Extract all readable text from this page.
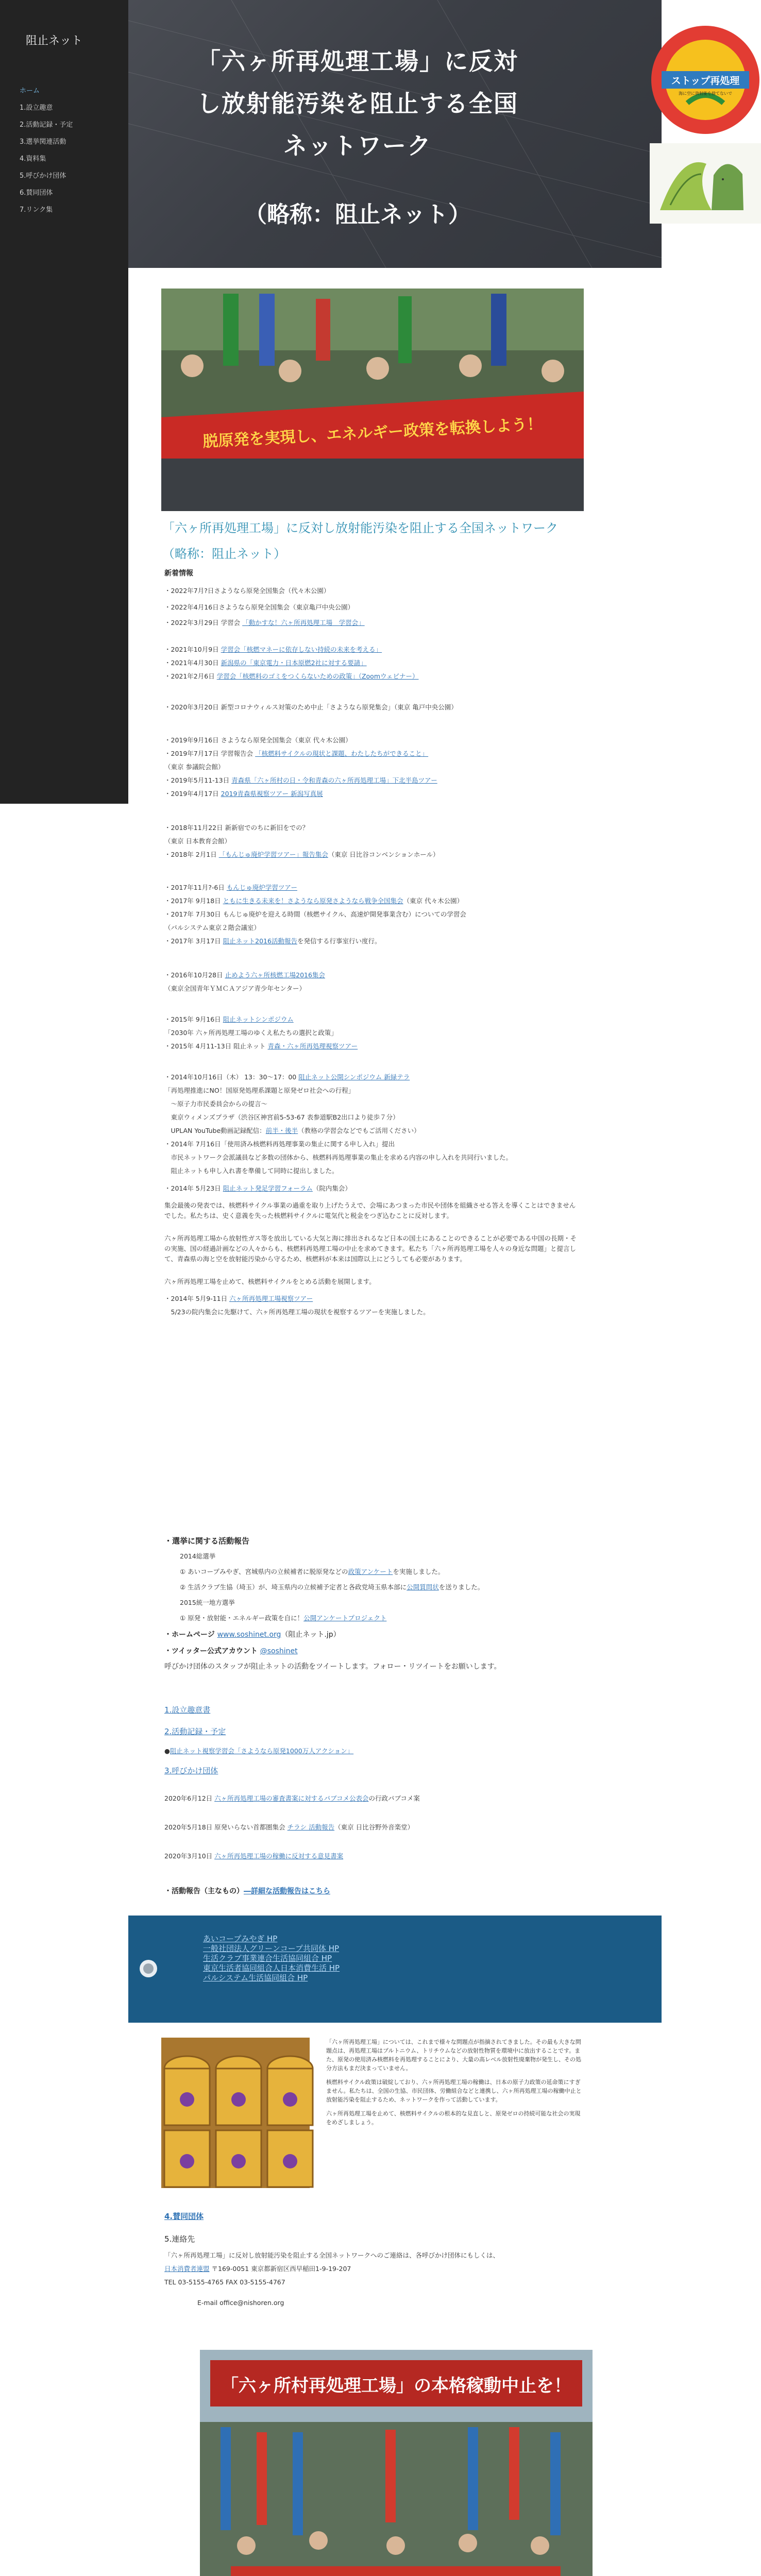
阻止ネット
ホーム
1.設立趣意
2.活動記録・予定
3.選挙関連活動
4.資料集
5.呼びかけ団体
6.賛同団体
7.リンク集
「六ヶ所再処理工場」に反対
し放射能汚染を阻止する全国
ネットワーク
（略称：阻止ネット）
ストップ再処理
海に空に放射能を捨てないで
脱原発を実現し、エネルギー政策を転換しよう！
「六ヶ所再処理工場」に反対し放射能汚染を阻止する全国ネットワーク
（略称：阻止ネット）
新着情報
・2022年7月?日さようなら原発全国集会（代々木公園）
・2022年4月16日さようなら原発全国集会（東京亀戸中央公園）
・2022年3月29日 学習会 「動かすな！六ヶ所再処理工場　学習会」
・2021年10月9日 学習会「核燃マネーに依存しない持続の未来を考える」
・2021年4月30日 新潟県の「東京電力・日本原燃2社に対する要請」
・2021年2月6日 学習会「核燃料のゴミをつくらないための政策」（Zoomウェビナー）
・2020年3月20日 新型コロナウィルス対策のため中止「さようなら原発集会」（東京 亀戸中央公園）
・2019年9月16日 さようなら原発全国集会（東京 代々木公園）
・2019年7月17日 学習報告会 「核燃料サイクルの現状と課題、わたしたちができること」
（東京 参議院会館）
・2019年5月11-13日 青森県「六ヶ所村の日・令和青森の六ヶ所再処理工場」下北半島ツアー
・2019年4月17日 2019青森県視察ツアー 新潟写真展
・2018年11月22日 新新宿でのちに新旧をでの？
（東京 日本教育会館）
・2018年 2月1日 「もんじゅ廃炉学習ツアー」報告集会（東京 日比谷コンベンションホール）
・2017年11月?-6日 もんじゅ廃炉学習ツアー
・2017年 9月18日 ともに生きる未来を！さようなら原発さようなら戦争全国集会（東京 代々木公園）
・2017年 7月30日 もんじゅ廃炉を迎える時間（核燃サイクル、高速炉開発事業含む）についての学習会
（パルシステム東京２階会議室）
・2017年 3月17日 阻止ネット2016活動報告を発信する行事室行い度行。
・2016年10月28日 止めよう六ヶ所核燃工場2016集会
（東京全国青年ＹＭＣＡアジア青少年センター）
・2015年 9月16日 阻止ネットシンポジウム
「2030年 六ヶ所再処理工場のゆくえ私たちの選択と政策」
・2015年 4月11-13日 阻止ネット 青森・六ヶ所再処理視察ツアー
・2014年10月16日（木） 13：30～17：00 阻止ネット公開シンポジウム 新緑テラ
「再処理推進にNO！国原発処理系課題と原発ゼロ社会への行程」
　～原子力市民委員会からの提言～
　東京ウィメンズプラザ（渋谷区神宮前5-53-67 表参道駅B2出口より徒歩７分）
　UPLAN YouTube動画記録配信：前半・後半（教格の学習会などでもご活用ください）
・2014年 7月16日「使用済み核燃料再処理事業の集止に関する申し入れ」提出
　市民ネットワーク会派議員など多数の団体から、核燃料再処理事業の集止を求める内容の申し入れを共同行いました。
　阻止ネットも申し入れ書を準備して同時に提出しました。
・2014年 5月23日 阻止ネット発足学習フォーラム（院内集会）
集会最後の発表では、核燃料サイクル事業の過重を取り上げたうえで、会場にあつまった市民や団体を組織させる答えを導くことはできませんでした。私たちは、史く意義を失った核燃料サイクルに電気代と税金をつぎ込むことに反対します。
六ヶ所再処理工場から放射性ガス等を放出している大気と海に排出されるなど日本の国土にあることのできることが必要である中国の長期・その実施、国の経過計画などの人々からも、核燃料再処理工場の中止を求めてきます。私たち「六ヶ所再処理工場を人々の身近な問題」と提言して、青森県の海と空を放射能汚染から守るため、核燃料が本来は国際以上にどうしても必要があります。
六ヶ所再処理工場を止めて、核燃料サイクルをとめる活動を展開します。
・2014年 5月9-11日 六ヶ所再処理工場視察ツアー
　5/23の院内集会に先駆けて、六ヶ所再処理工場の現状を視察するツアーを実施しました。
・選挙に関する活動報告
2014総選挙
① あいコープみやぎ、宮城県内の立候補者に脱原発などの政策アンケートを実施しました。
② 生活クラブ生協（埼玉）が、埼玉県内の立候補予定者と各政党埼玉県本部に公開質問状を送りました。
2015統一地方選挙
① 原発・放射能・エネルギー政策を自に！公開アンケートプロジェクト
・ホームページ www.soshinet.org（阻止ネット.jp）
・ツイッター公式アカウント @soshinet
呼びかけ団体のスタッフが阻止ネットの活動をツイートします。フォロー・リツイートをお願いします。
1.設立趣意書
2.活動記録・予定
●阻止ネット視察学習会「さようなら原発1000万人アクション」
3.呼びかけ団体
2020年6月12日 六ヶ所再処理工場の審査書案に対するパブコメ公表会の行政パブコメ案
2020年5月18日 原発いらない首都圏集会 チラシ 活動報告（東京 日比谷野外音楽堂）
2020年3月10日 六ヶ所再処理工場の稼働に反対する意見書案
・活動報告（主なもの）―詳細な活動報告はこちら
あいコープみやぎ HP
一般社団法人グリーンコープ共同体 HP
生活クラブ事業連合生活協同組合 HP
東京生活者協同組合人日本消費生活 HP
パルシステム生活協同組合 HP

「六ヶ所再処理工場」については、これまで様々な問題点が指摘されてきました。その最も大きな問題点は、再処理工場はプルトニウム、トリチウムなどの放射性物質を環境中に放出することです。また、原発の使用済み核燃料を再処理することにより、大量の高レベル放射性廃棄物が発生し、その処分方法もまだ決まっていません。

核燃料サイクル政策は破綻しており、六ヶ所再処理工場の稼働は、日本の原子力政策の延命策にすぎません。私たちは、全国の生協、市民団体、労働組合などと連携し、六ヶ所再処理工場の稼働中止と放射能汚染を阻止するため、ネットワークを作って活動しています。

六ヶ所再処理工場を止めて、核燃料サイクルの根本的な見直しと、原発ゼロの持続可能な社会の実現をめざしましょう。

4.賛同団体
5.連絡先
「六ヶ所再処理工場」に反対し放射能汚染を阻止する全国ネットワークへのご連絡は、各呼びかけ団体にもしくは、
日本消費者連盟 〒169-0051 東京都新宿区西早稲田1-9-19-207
TEL 03-5155-4765 FAX 03-5155-4767
E-mail office@nishoren.org
「六ヶ所村再処理工場」の本格稼動中止を！
